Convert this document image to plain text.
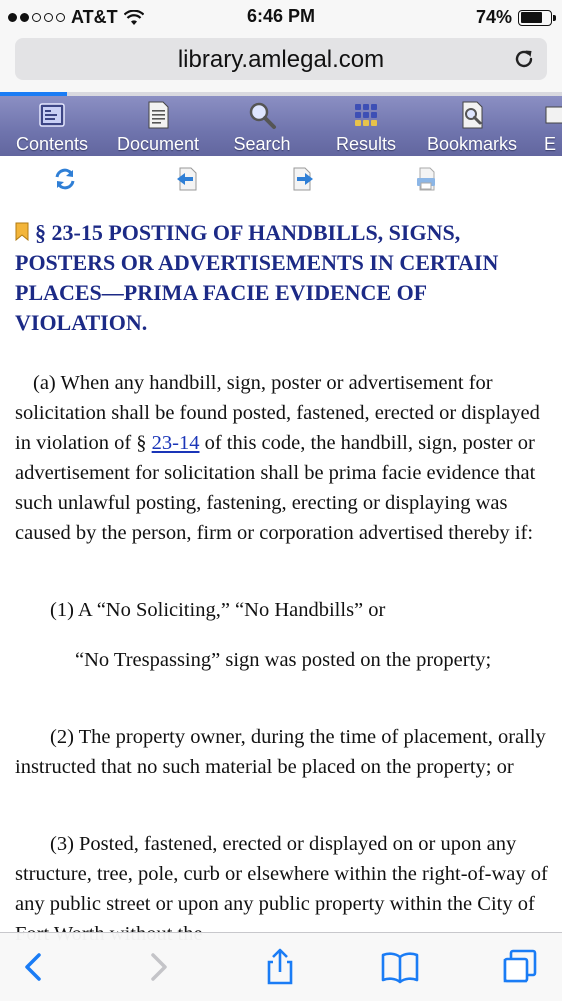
AT&T	6:46 PM	74%
library.amlegal.com
Contents	Document	Search	Results	Bookmarks	E
§ 23-15 POSTING OF HANDBILLS, SIGNS, POSTERS OR ADVERTISEMENTS IN CERTAIN PLACES—PRIMA FACIE EVIDENCE OF VIOLATION.

(a) When any handbill, sign, poster or advertisement for solicitation shall be found posted, fastened, erected or displayed in violation of § 23-14 of this code, the handbill, sign, poster or advertisement for solicitation shall be prima facie evidence that such unlawful posting, fastening, erecting or displaying was caused by the person, firm or corporation advertised thereby if:

(1) A “No Soliciting,” “No Handbills” or

“No Trespassing” sign was posted on the property;

(2) The property owner, during the time of placement, orally instructed that no such material be placed on the property; or

(3) Posted, fastened, erected or displayed on or upon any structure, tree, pole, curb or elsewhere within the right-of-way of any public street or upon any public property within the City of
